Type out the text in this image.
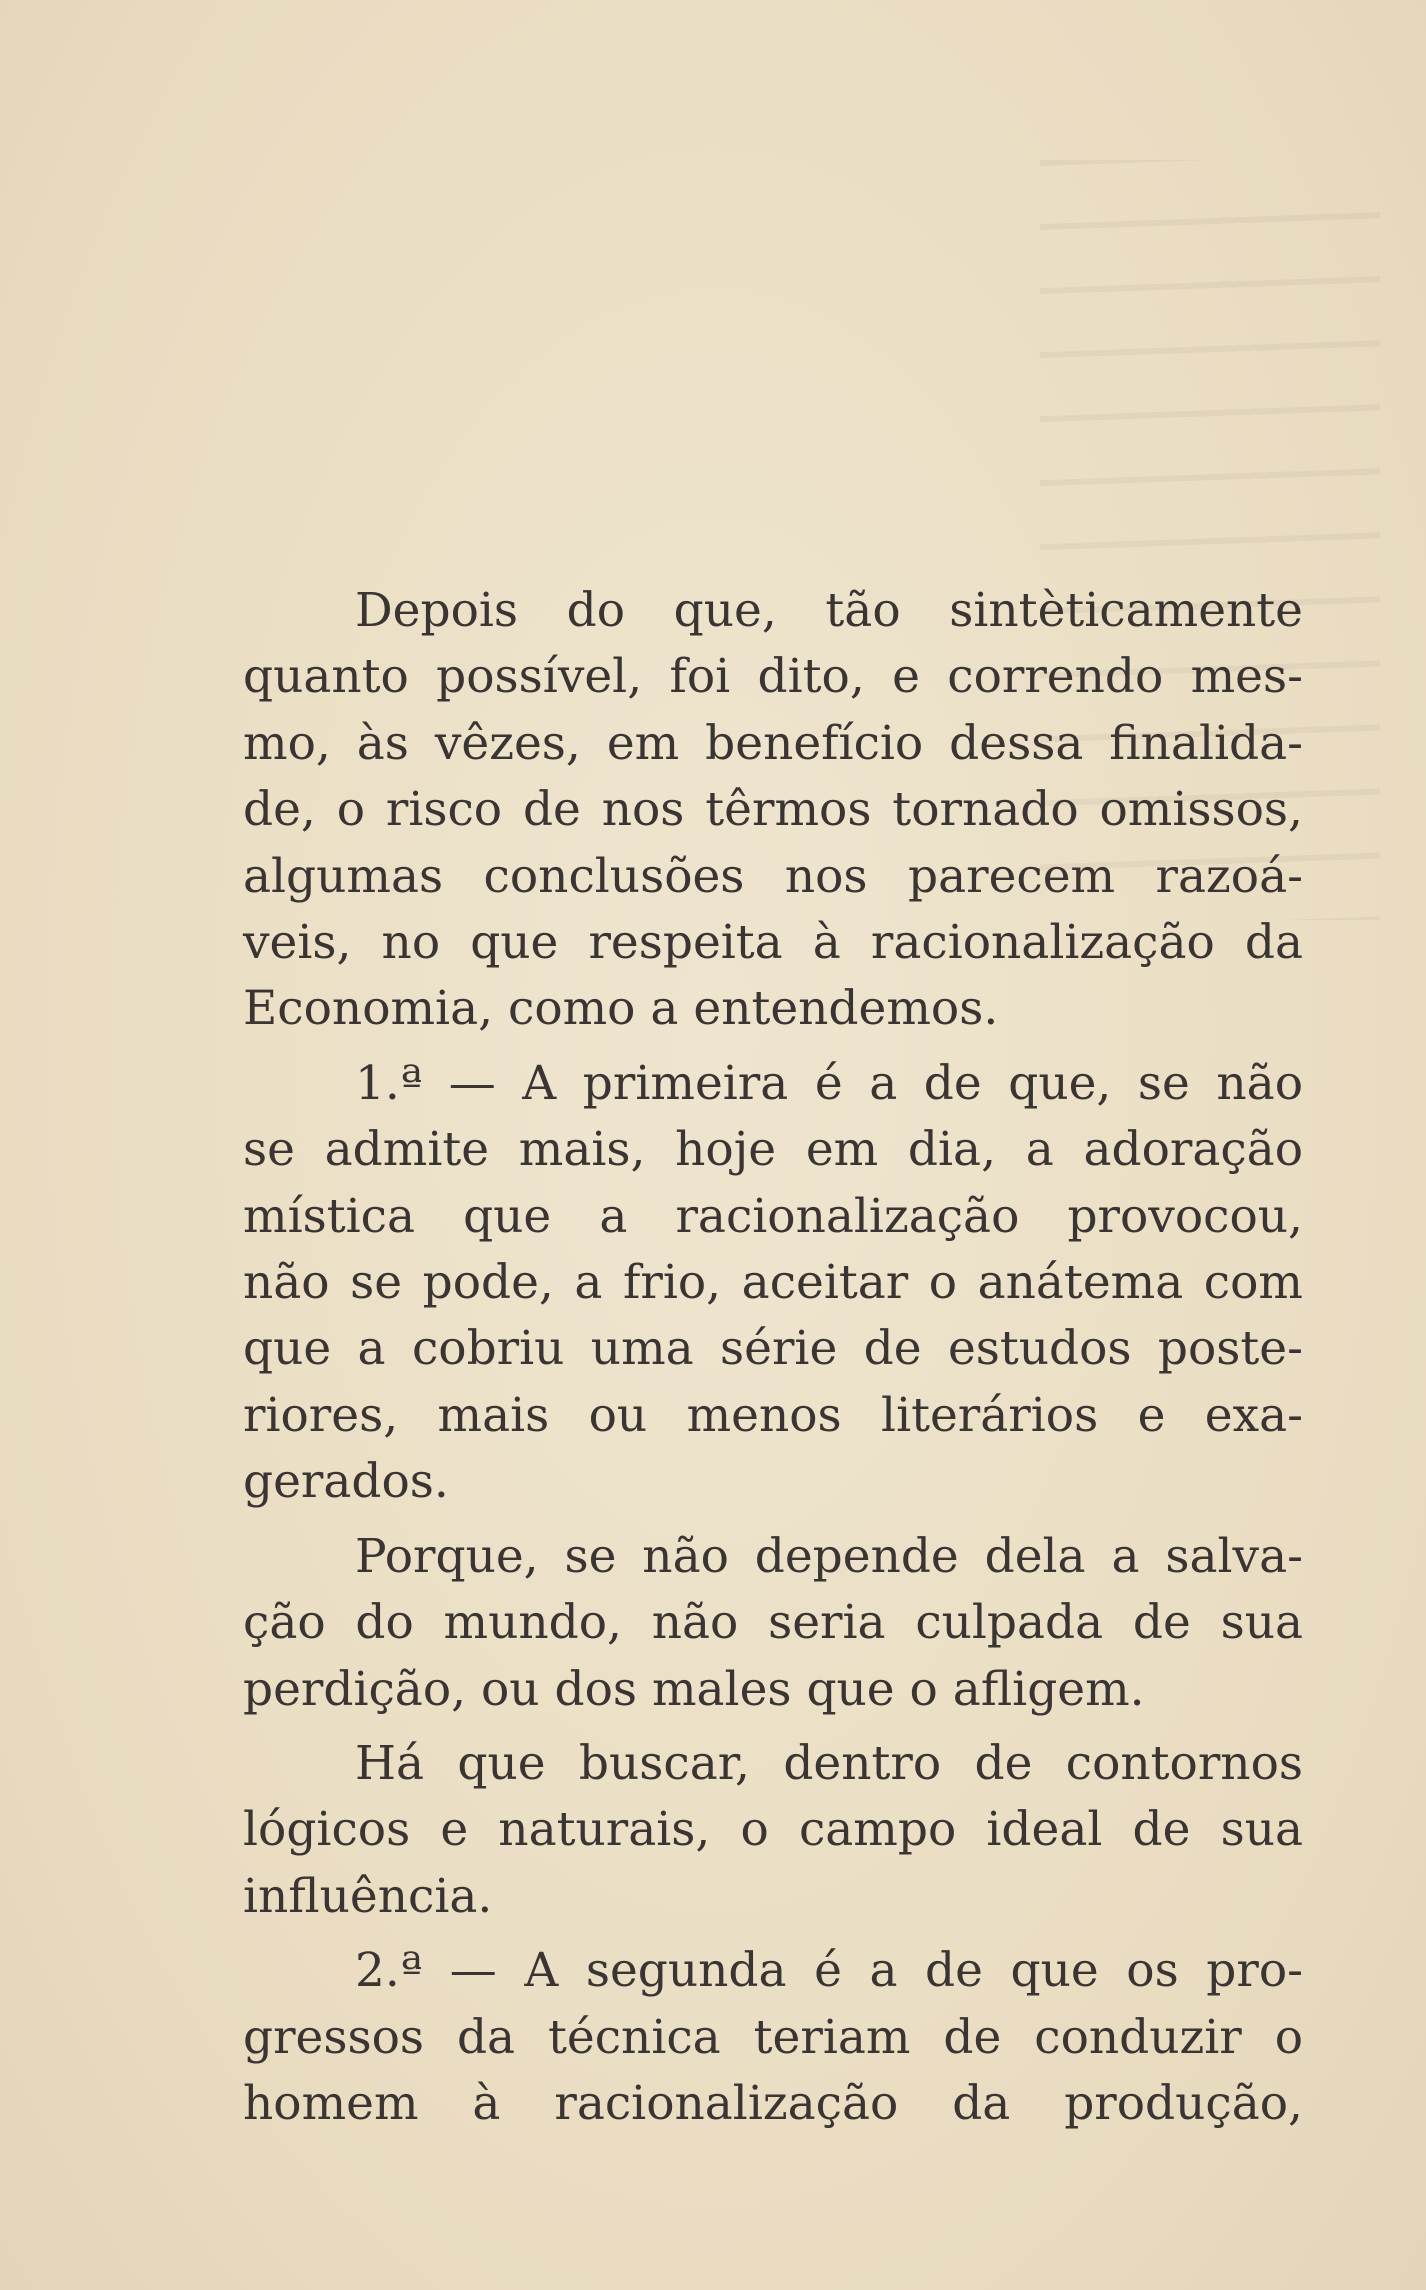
Depois do que, tão sintèticamente
quanto possível, foi dito, e correndo mes-
mo, às vêzes, em benefício dessa finalida-
de, o risco de nos têrmos tornado omissos,
algumas conclusões nos parecem razoá-
veis, no que respeita à racionalização da
Economia, como a entendemos.

1.ª — A primeira é a de que, se não
se admite mais, hoje em dia, a adoração
mística que a racionalização provocou,
não se pode, a frio, aceitar o anátema com
que a cobriu uma série de estudos poste-
riores, mais ou menos literários e exa-
gerados.

Porque, se não depende dela a salva-
ção do mundo, não seria culpada de sua
perdição, ou dos males que o afligem.

Há que buscar, dentro de contornos
lógicos e naturais, o campo ideal de sua
influência.

2.ª — A segunda é a de que os pro-
gressos da técnica teriam de conduzir o
homem à racionalização da produção,
